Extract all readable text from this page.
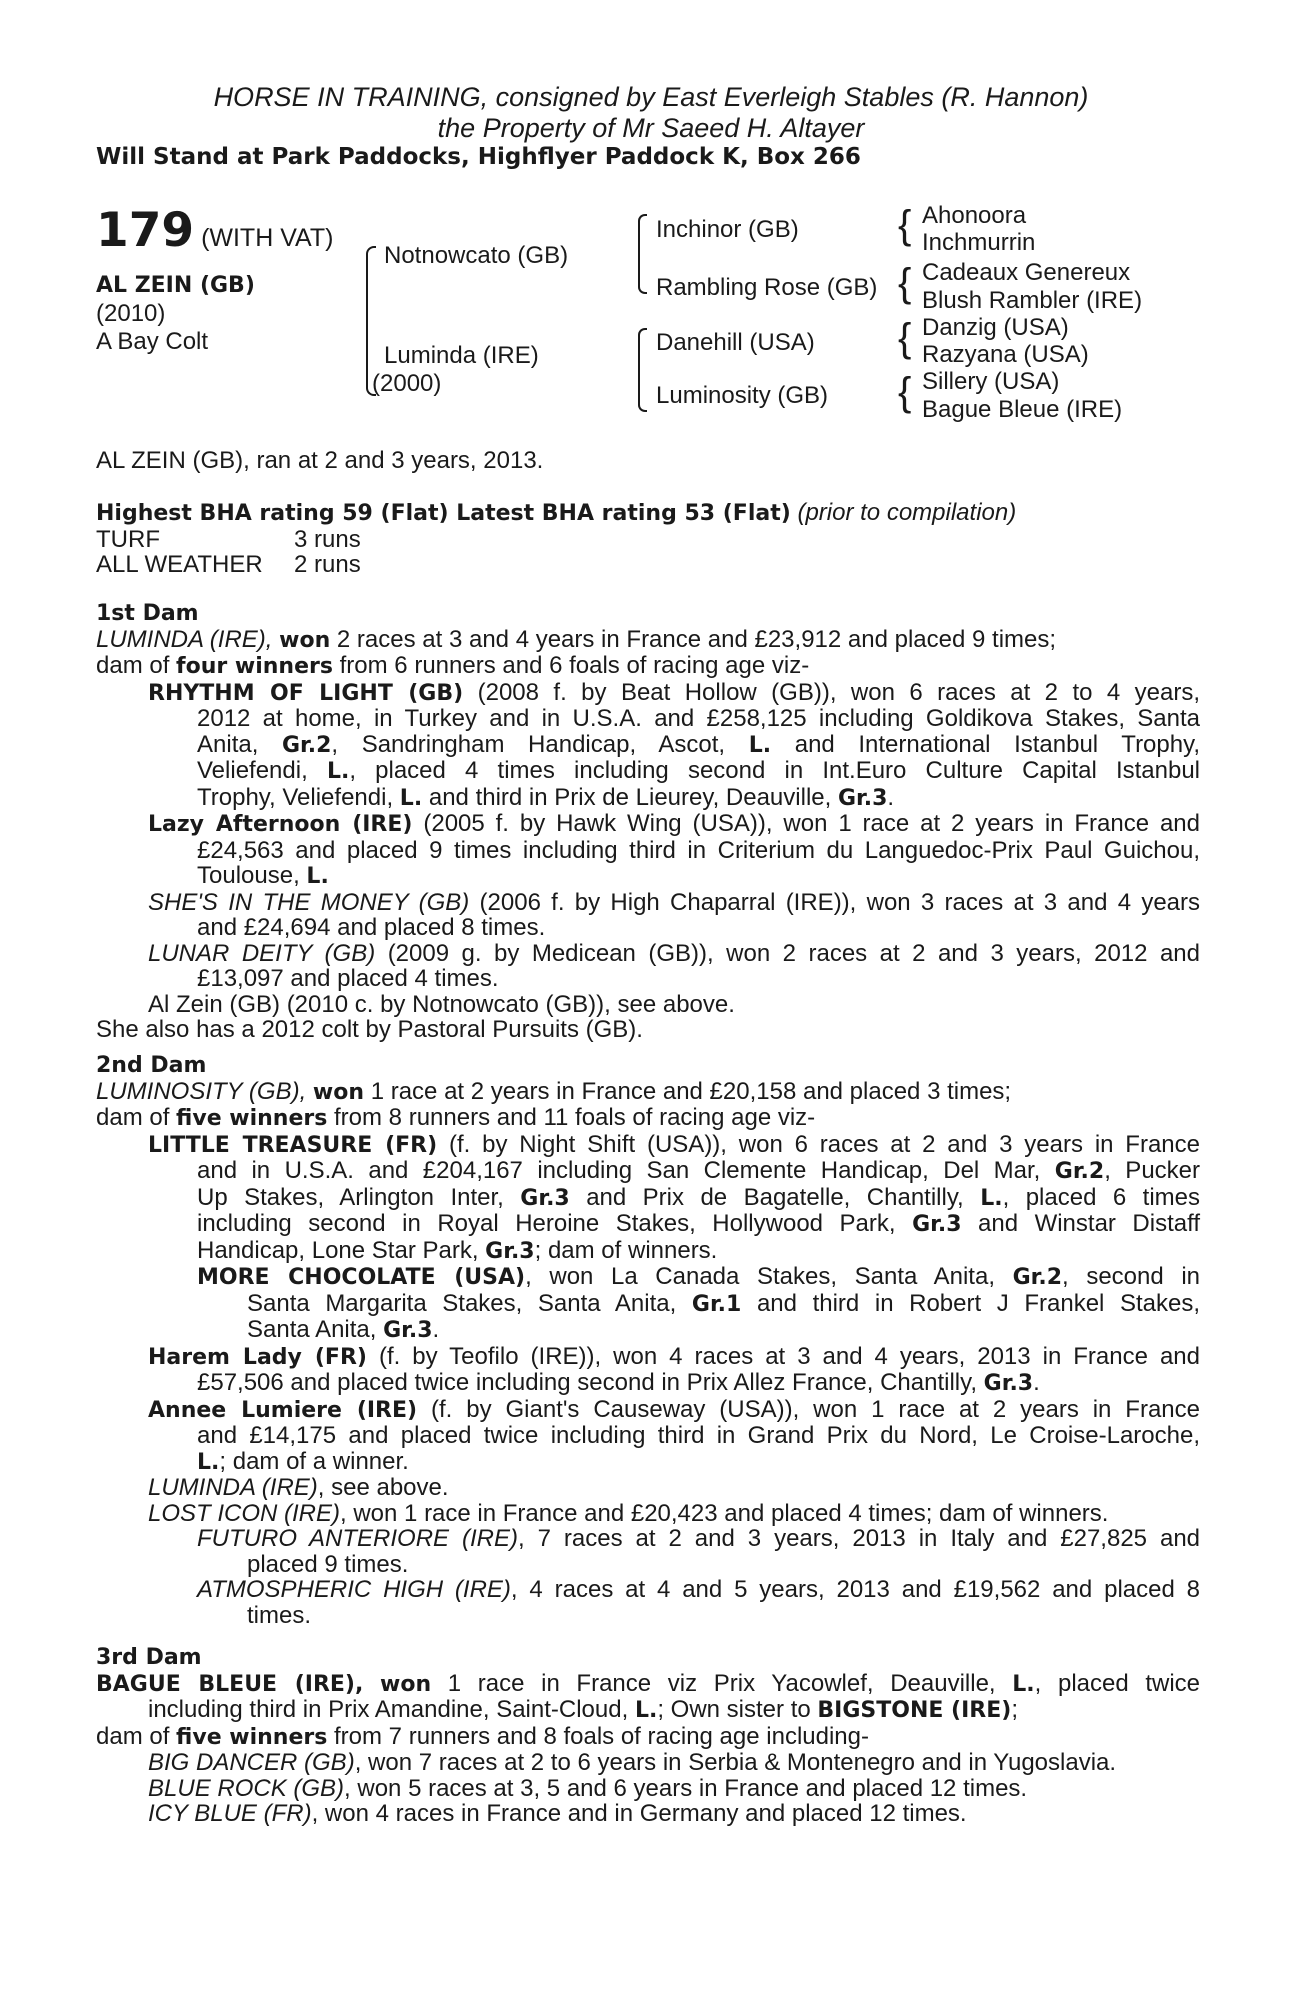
HORSE IN TRAINING, consigned by East Everleigh Stables (R. Hannon)
the Property of Mr Saeed H. Altayer
Will Stand at Park Paddocks, Highflyer Paddock K, Box 266
179 (WITH VAT)
AL ZEIN (GB)
(2010)
A Bay Colt
Notnowcato (GB)
Luminda (IRE)
(2000)
Inchinor (GB)
Rambling Rose (GB)
Danehill (USA)
Luminosity (GB)
{
{
{
{
Ahonoora
Inchmurrin
Cadeaux Genereux
Blush Rambler (IRE)
Danzig (USA)
Razyana (USA)
Sillery (USA)
Bague Bleue (IRE)
AL ZEIN (GB), ran at 2 and 3 years, 2013.
Highest BHA rating 59 (Flat) Latest BHA rating 53 (Flat) (prior to compilation)
TURF	3 runs
ALL WEATHER 2 runs
1st Dam
LUMINDA (IRE), won 2 races at 3 and 4 years in France and £23,912 and placed 9 times;
dam of four winners from 6 runners and 6 foals of racing age viz-
RHYTHM OF LIGHT (GB) (2008 f. by Beat Hollow (GB)), won 6 races at 2 to 4 years,
2012 at home, in Turkey and in U.S.A. and £258,125 including Goldikova Stakes, Santa
Anita, Gr.2, Sandringham Handicap, Ascot, L. and International Istanbul Trophy,
Veliefendi, L., placed 4 times including second in Int.Euro Culture Capital Istanbul
Trophy, Veliefendi, L. and third in Prix de Lieurey, Deauville, Gr.3.
Lazy Afternoon (IRE) (2005 f. by Hawk Wing (USA)), won 1 race at 2 years in France and
£24,563 and placed 9 times including third in Criterium du Languedoc-Prix Paul Guichou,
Toulouse, L.
SHE'S IN THE MONEY (GB) (2006 f. by High Chaparral (IRE)), won 3 races at 3 and 4 years
and £24,694 and placed 8 times.
LUNAR DEITY (GB) (2009 g. by Medicean (GB)), won 2 races at 2 and 3 years, 2012 and
£13,097 and placed 4 times.
Al Zein (GB) (2010 c. by Notnowcato (GB)), see above.
She also has a 2012 colt by Pastoral Pursuits (GB).
2nd Dam
LUMINOSITY (GB), won 1 race at 2 years in France and £20,158 and placed 3 times;
dam of five winners from 8 runners and 11 foals of racing age viz-
LITTLE TREASURE (FR) (f. by Night Shift (USA)), won 6 races at 2 and 3 years in France
and in U.S.A. and £204,167 including San Clemente Handicap, Del Mar, Gr.2, Pucker
Up Stakes, Arlington Inter, Gr.3 and Prix de Bagatelle, Chantilly, L., placed 6 times
including second in Royal Heroine Stakes, Hollywood Park, Gr.3 and Winstar Distaff
Handicap, Lone Star Park, Gr.3; dam of winners.
MORE CHOCOLATE (USA), won La Canada Stakes, Santa Anita, Gr.2, second in
Santa Margarita Stakes, Santa Anita, Gr.1 and third in Robert J Frankel Stakes,
Santa Anita, Gr.3.
Harem Lady (FR) (f. by Teofilo (IRE)), won 4 races at 3 and 4 years, 2013 in France and
£57,506 and placed twice including second in Prix Allez France, Chantilly, Gr.3.
Annee Lumiere (IRE) (f. by Giant's Causeway (USA)), won 1 race at 2 years in France
and £14,175 and placed twice including third in Grand Prix du Nord, Le Croise-Laroche,
L.; dam of a winner.
LUMINDA (IRE), see above.
LOST ICON (IRE), won 1 race in France and £20,423 and placed 4 times; dam of winners.
FUTURO ANTERIORE (IRE), 7 races at 2 and 3 years, 2013 in Italy and £27,825 and
placed 9 times.
ATMOSPHERIC HIGH (IRE), 4 races at 4 and 5 years, 2013 and £19,562 and placed 8
times.
3rd Dam
BAGUE BLEUE (IRE), won 1 race in France viz Prix Yacowlef, Deauville, L., placed twice
including third in Prix Amandine, Saint-Cloud, L.; Own sister to BIGSTONE (IRE);
dam of five winners from 7 runners and 8 foals of racing age including-
BIG DANCER (GB), won 7 races at 2 to 6 years in Serbia & Montenegro and in Yugoslavia.
BLUE ROCK (GB), won 5 races at 3, 5 and 6 years in France and placed 12 times.
ICY BLUE (FR), won 4 races in France and in Germany and placed 12 times.
